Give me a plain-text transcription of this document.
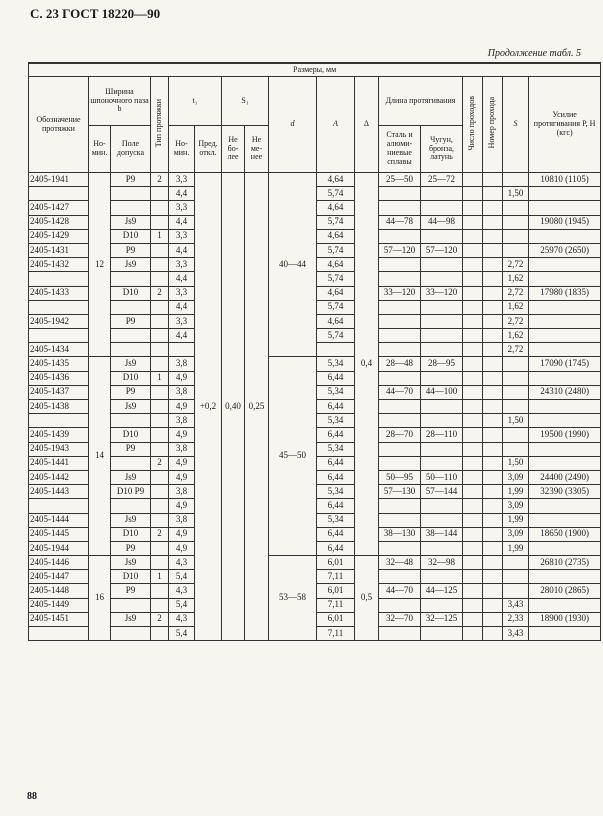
С. 23 ГОСТ 18220—90
Продолжение табл. 5
Размеры, мм																
Обозначение протяжки	Ширина шпоночного паза b		Тип протяжки	t₁		S₁		d	A	Δ	Длина протягивания		Число проходов	Номер прохода	S	Усилие протягивания P, Н (кгс)
	Но- мин.	Поле допуска		Но- мин.	Пред. откл.	Не бо- лее	Не ме- нее				Сталь и алюми- ниевые сплавы	Чугун, бронза, латунь				
2405-1941	12	P9	2	3,3	+0,2	0,40	0,25	40—44	4,64	0,4	25—50	25—72				10810 (1105)
				4,4					5,74						1,50	
2405-1427				3,3					4,64							
2405-1428		Js9		4,4					5,74		44—78	44—98				19080 (1945)
2405-1429		D10	1	3,3					4,64							
2405-1431		P9		4,4					5,74		57—120	57—120				25970 (2650)
2405-1432		Js9		3,3					4,64						2,72	
				4,4					5,74						1,62	
2405-1433		D10	2	3,3					4,64		33—120	33—120			2,72	17980 (1835)
				4,4					5,74						1,62	
2405-1942		P9		3,3					4,64						2,72	
				4,4					5,74						1,62	
2405-1434															2,72	
2405-1435	14	Js9		3,8				45—50	5,34		28—48	28—95				17090 (1745)
2405-1436		D10	1	4,9					6,44							
2405-1437		P9		3,8					5,34		44—70	44—100				24310 (2480)
2405-1438		Js9		4,9					6,44							
				3,8					5,34						1,50	
2405-1439		D10		4,9					6,44		28—70	28—110				19500 (1990)
2405-1943		P9		3,8					5,34							
2405-1441			2	4,9					6,44						1,50	
2405-1442		Js9		4,9					6,44		50—95	50—110			3,09	24400 (2490)
2405-1443		D10 P9		3,8					5,34		57—130	57—144			1,99	32390 (3305)
				4,9					6,44						3,09	
2405-1444		Js9		3,8					5,34						1,99	
2405-1445		D10	2	4,9					6,44		38—130	38—144			3,09	18650 (1900)
2405-1944		P9		4,9					6,44						1,99	
2405-1446	16	Js9		4,3				53—58	6,01	0,5	32—48	32—98				26810 (2735)
2405-1447		D10	1	5,4					7,11							
2405-1448		P9		4,3					6,01		44—70	44—125				28010 (2865)
2405-1449				5,4					7,11						3,43	
2405-1451		Js9	2	4,3					6,01		32—70	32—125			2,33	18900 (1930)
				5,4					7,11						3,43	
88
